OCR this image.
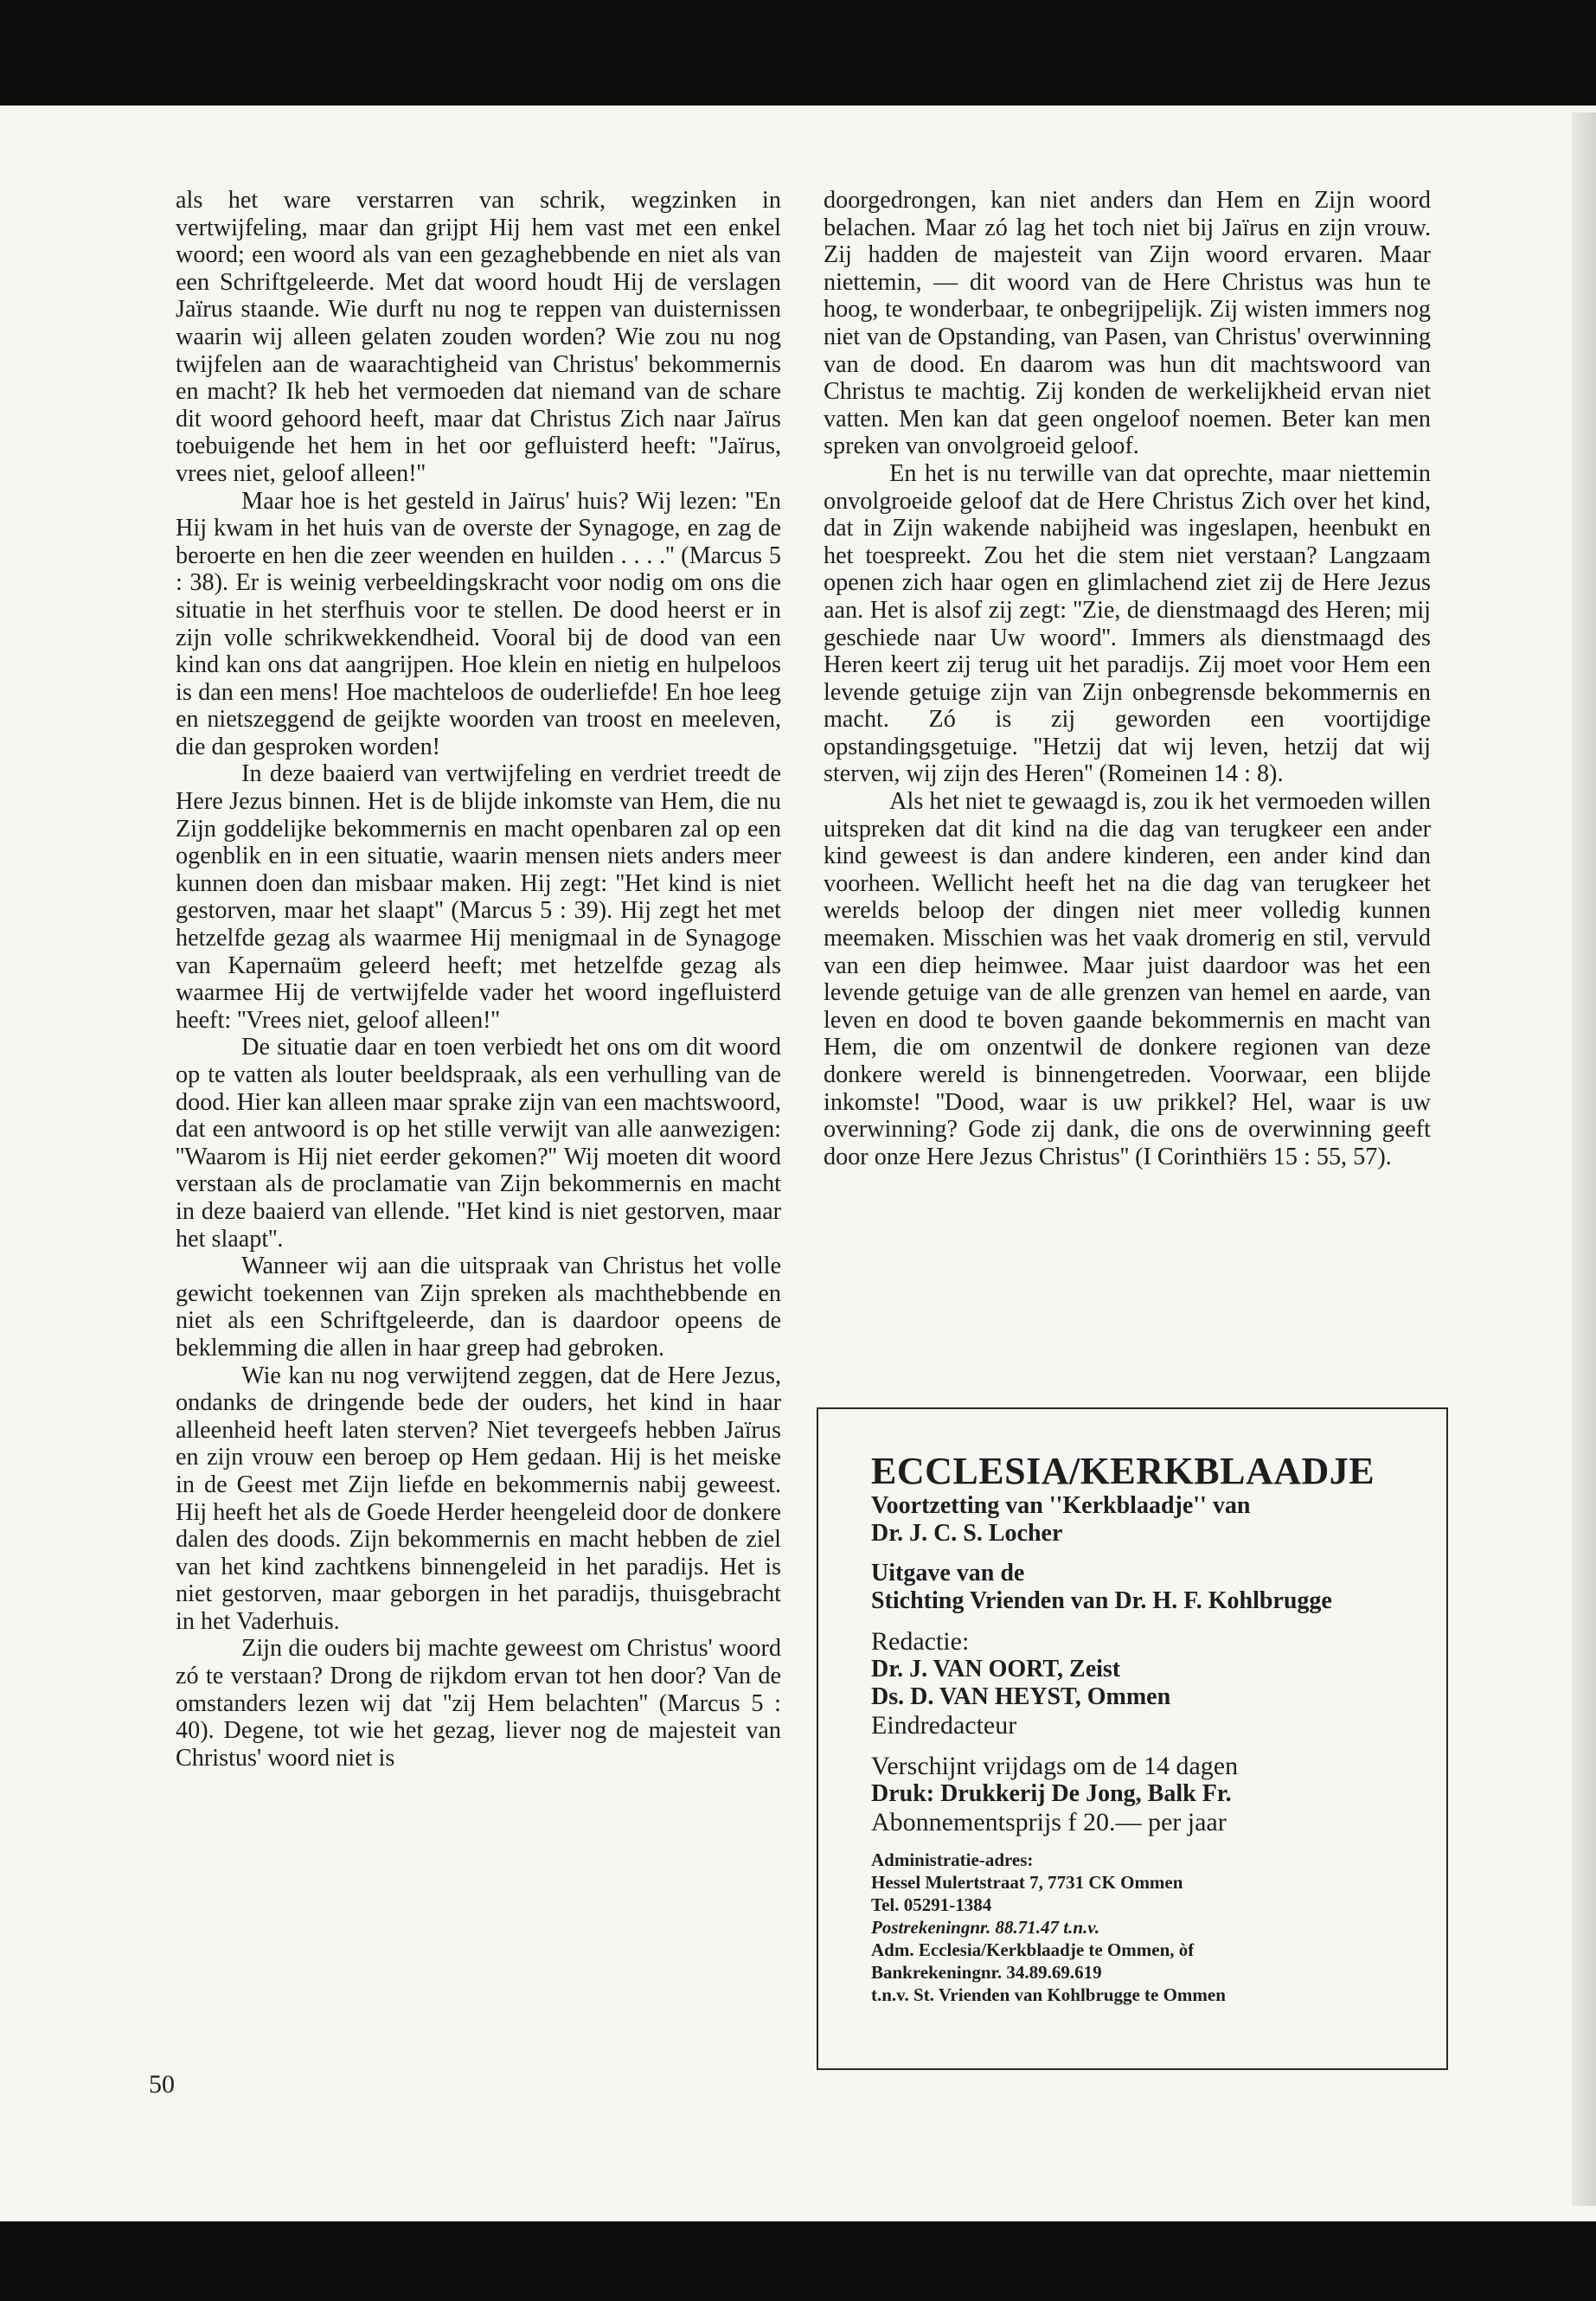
als het ware verstarren van schrik, wegzinken in vertwijfeling, maar dan grijpt Hij hem vast met een enkel woord; een woord als van een gezaghebbende en niet als van een Schriftgeleerde. Met dat woord houdt Hij de verslagen Jaïrus staande. Wie durft nu nog te reppen van duisternissen waarin wij alleen gelaten zouden worden? Wie zou nu nog twijfelen aan de waarachtigheid van Christus' bekommernis en macht? Ik heb het vermoeden dat niemand van de schare dit woord gehoord heeft, maar dat Christus Zich naar Jaïrus toebuigende het hem in het oor gefluisterd heeft: ''Jaïrus, vrees niet, geloof alleen!''

Maar hoe is het gesteld in Jaïrus' huis? Wij lezen: ''En Hij kwam in het huis van de overste der Synagoge, en zag de beroerte en hen die zeer weenden en huilden . . . .'' (Marcus 5 : 38). Er is weinig verbeeldingskracht voor nodig om ons die situatie in het sterfhuis voor te stellen. De dood heerst er in zijn volle schrikwekkendheid. Vooral bij de dood van een kind kan ons dat aangrijpen. Hoe klein en nietig en hulpeloos is dan een mens! Hoe machteloos de ouderliefde! En hoe leeg en nietszeggend de geijkte woorden van troost en meeleven, die dan gesproken worden!

In deze baaierd van vertwijfeling en verdriet treedt de Here Jezus binnen. Het is de blijde inkomste van Hem, die nu Zijn goddelijke bekommernis en macht openbaren zal op een ogenblik en in een situatie, waarin mensen niets anders meer kunnen doen dan misbaar maken. Hij zegt: ''Het kind is niet gestorven, maar het slaapt'' (Marcus 5 : 39). Hij zegt het met hetzelfde gezag als waarmee Hij menigmaal in de Synagoge van Kapernaüm geleerd heeft; met hetzelfde gezag als waarmee Hij de vertwijfelde vader het woord ingefluisterd heeft: ''Vrees niet, geloof alleen!''

De situatie daar en toen verbiedt het ons om dit woord op te vatten als louter beeldspraak, als een verhulling van de dood. Hier kan alleen maar sprake zijn van een machtswoord, dat een antwoord is op het stille verwijt van alle aanwezigen: ''Waarom is Hij niet eerder gekomen?'' Wij moeten dit woord verstaan als de proclamatie van Zijn bekommernis en macht in deze baaierd van ellende. ''Het kind is niet gestorven, maar het slaapt''.

Wanneer wij aan die uitspraak van Christus het volle gewicht toekennen van Zijn spreken als machthebbende en niet als een Schriftgeleerde, dan is daardoor opeens de beklemming die allen in haar greep had gebroken.

Wie kan nu nog verwijtend zeggen, dat de Here Jezus, ondanks de dringende bede der ouders, het kind in haar alleenheid heeft laten sterven? Niet tevergeefs hebben Jaïrus en zijn vrouw een beroep op Hem gedaan. Hij is het meiske in de Geest met Zijn liefde en bekommernis nabij geweest. Hij heeft het als de Goede Herder heengeleid door de donkere dalen des doods. Zijn bekommernis en macht hebben de ziel van het kind zachtkens binnengeleid in het paradijs. Het is niet gestorven, maar geborgen in het paradijs, thuisgebracht in het Vaderhuis.

Zijn die ouders bij machte geweest om Christus' woord zó te verstaan? Drong de rijkdom ervan tot hen door? Van de omstanders lezen wij dat ''zij Hem belachten'' (Marcus 5 : 40). Degene, tot wie het gezag, liever nog de majesteit van Christus' woord niet is

doorgedrongen, kan niet anders dan Hem en Zijn woord belachen. Maar zó lag het toch niet bij Jaïrus en zijn vrouw. Zij hadden de majesteit van Zijn woord ervaren. Maar niettemin, — dit woord van de Here Christus was hun te hoog, te wonderbaar, te onbegrijpelijk. Zij wisten immers nog niet van de Opstanding, van Pasen, van Christus' overwinning van de dood. En daarom was hun dit machtswoord van Christus te machtig. Zij konden de werkelijkheid ervan niet vatten. Men kan dat geen ongeloof noemen. Beter kan men spreken van onvolgroeid geloof.

En het is nu terwille van dat oprechte, maar niettemin onvolgroeide geloof dat de Here Christus Zich over het kind, dat in Zijn wakende nabijheid was ingeslapen, heenbukt en het toespreekt. Zou het die stem niet verstaan? Langzaam openen zich haar ogen en glimlachend ziet zij de Here Jezus aan. Het is alsof zij zegt: ''Zie, de dienstmaagd des Heren; mij geschiede naar Uw woord''. Immers als dienstmaagd des Heren keert zij terug uit het paradijs. Zij moet voor Hem een levende getuige zijn van Zijn onbegrensde bekommernis en macht. Zó is zij geworden een voortijdige opstandingsgetuige. ''Hetzij dat wij leven, hetzij dat wij sterven, wij zijn des Heren'' (Romeinen 14 : 8).

Als het niet te gewaagd is, zou ik het vermoeden willen uitspreken dat dit kind na die dag van terugkeer een ander kind geweest is dan andere kinderen, een ander kind dan voorheen. Wellicht heeft het na die dag van terugkeer het werelds beloop der dingen niet meer volledig kunnen meemaken. Misschien was het vaak dromerig en stil, vervuld van een diep heimwee. Maar juist daardoor was het een levende getuige van de alle grenzen van hemel en aarde, van leven en dood te boven gaande bekommernis en macht van Hem, die om onzentwil de donkere regionen van deze donkere wereld is binnengetreden. Voorwaar, een blijde inkomste! ''Dood, waar is uw prikkel? Hel, waar is uw overwinning? Gode zij dank, die ons de overwinning geeft door onze Here Jezus Christus'' (I Corinthiërs 15 : 55, 57).

50
ECCLESIA/KERKBLAADJE
Voortzetting van ''Kerkblaadje'' van
Dr. J. C. S. Locher
Uitgave van de
Stichting Vrienden van Dr. H. F. Kohlbrugge
Redactie:
Dr. J. VAN OORT, Zeist
Ds. D. VAN HEYST, Ommen
Eindredacteur
Verschijnt vrijdags om de 14 dagen
Druk: Drukkerij De Jong, Balk Fr.
Abonnementsprijs f 20.— per jaar
Administratie-adres:
Hessel Mulertstraat 7, 7731 CK Ommen
Tel. 05291-1384
Postrekeningnr. 88.71.47 t.n.v.
Adm. Ecclesia/Kerkblaadje te Ommen, òf
Bankrekeningnr. 34.89.69.619
t.n.v. St. Vrienden van Kohlbrugge te Ommen
